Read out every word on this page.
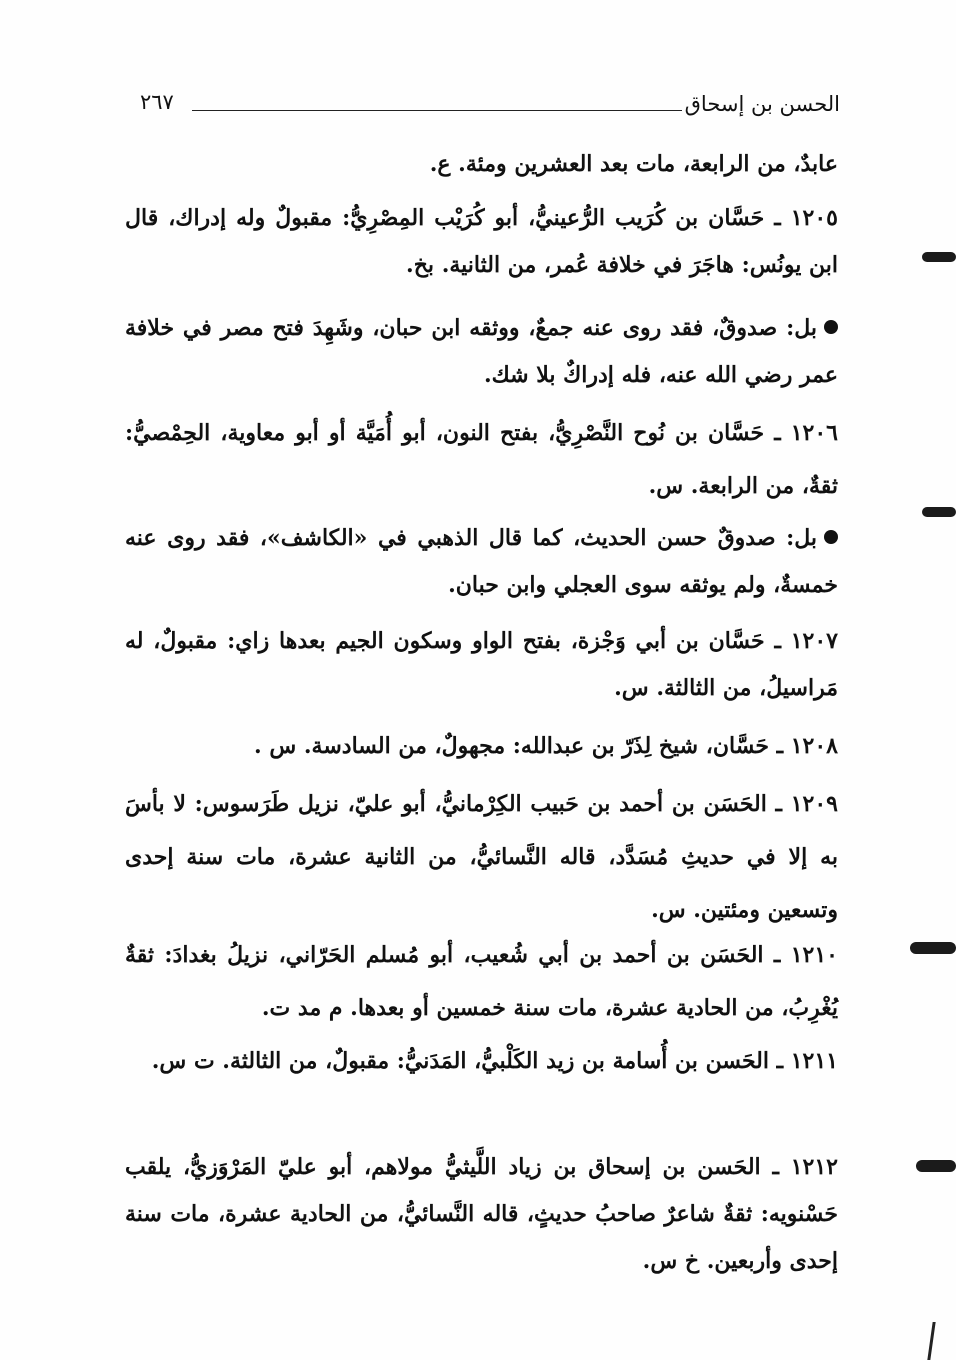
الحسن بن إسحاق
٢٦٧
عابدٌ، من الرابعة، مات بعد العشرين ومئة. ع.
١٢٠٥ ـ حَسَّان بن كُرَيب الرُّعينيُّ، أبو كُرَيْب المِصْرِيُّ: مقبولٌ وله إدراك، قال ابن يونُس: هاجَرَ في خلافة عُمر، من الثانية. بخ.
بل: صدوقٌ، فقد روى عنه جمعٌ، ووثقه ابن حبان، وشَهِدَ فتح مصر في خلافة عمر رضي الله عنه، فله إدراكٌ بلا شك.
١٢٠٦ ـ حَسَّان بن نُوح النَّصْرِيُّ، بفتح النون، أبو أُمَيَّة أو أبو معاوية، الحِمْصيُّ: ثقةٌ، من الرابعة. س.
بل: صدوقٌ حسن الحديث، كما قال الذهبي في «الكاشف»، فقد روى عنه خمسةٌ، ولم يوثقه سوى العجلي وابن حبان.
١٢٠٧ ـ حَسَّان بن أبي وَجْزة، بفتح الواو وسكون الجيم بعدها زاي: مقبولٌ، له مَراسيلُ، من الثالثة. س.
١٢٠٨ ـ حَسَّان، شيخ لِذَرّ بن عبدالله: مجهولٌ، من السادسة. س .
١٢٠٩ ـ الحَسَن بن أحمد بن حَبيب الكِرْمانيُّ، أبو عليّ، نزيل طَرَسوس: لا بأسَ به إلا في حديثِ مُسَدَّد، قاله النَّسائيُّ، من الثانية عشرة، مات سنة إحدى وتسعين ومئتين. س.
١٢١٠ ـ الحَسَن بن أحمد بن أبي شُعيب، أبو مُسلم الحَرّاني، نزيلُ بغدادَ: ثقةٌ يُغْرِبُ، من الحادية عشرة، مات سنة خمسين أو بعدها. م مد ت.
١٢١١ ـ الحَسن بن أُسامة بن زيد الكَلْبيُّ، المَدَنيُّ: مقبولٌ، من الثالثة. ت س.
١٢١٢ ـ الحَسن بن إسحاق بن زياد اللَّيثيُّ مولاهم، أبو عليّ المَرْوَزيُّ، يلقب حَسْنويه: ثقةٌ شاعرٌ صاحبُ حديثٍ، قاله النَّسائيُّ، من الحادية عشرة، مات سنة إحدى وأربعين. خ س.
